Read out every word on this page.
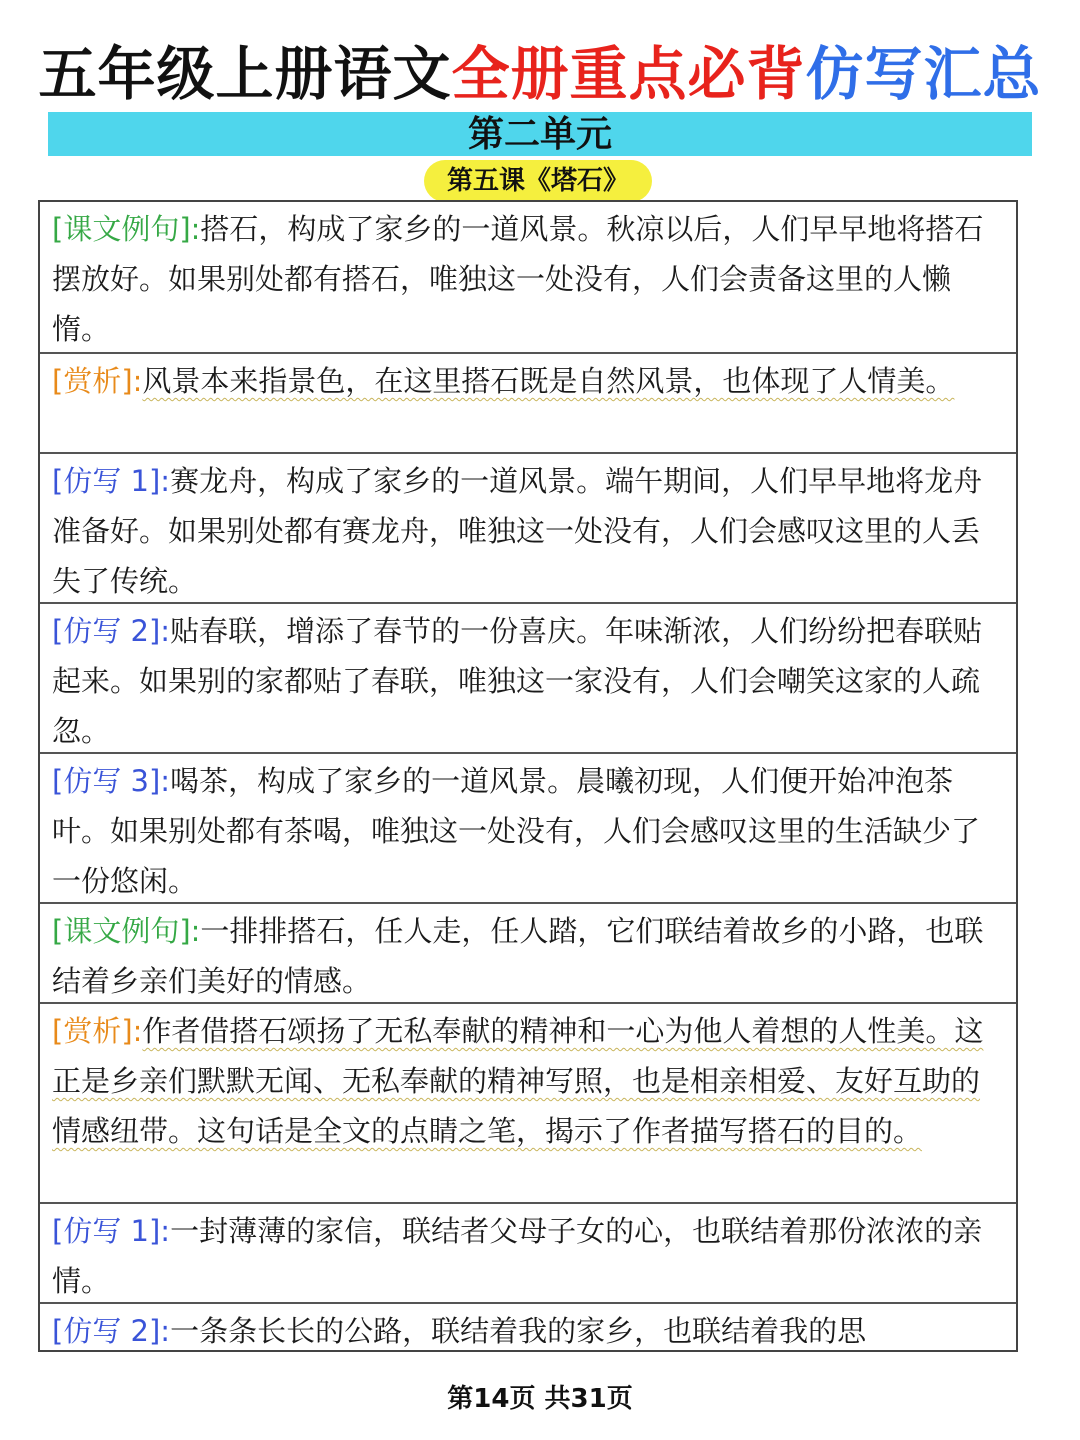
五年级上册语文全册重点必背仿写汇总
第二单元
第五课《塔石》
[课文例句]:搭石，构成了家乡的一道风景。秋凉以后，人们早早地将搭石摆放好。如果别处都有搭石，唯独这一处没有，人们会责备这里的人懒惰。
[赏析]:风景本来指景色，在这里搭石既是自然风景，也体现了人情美。
[仿写 1]:赛龙舟，构成了家乡的一道风景。端午期间，人们早早地将龙舟准备好。如果别处都有赛龙舟，唯独这一处没有，人们会感叹这里的人丢失了传统。
[仿写 2]:贴春联，增添了春节的一份喜庆。年味渐浓，人们纷纷把春联贴起来。如果别的家都贴了春联，唯独这一家没有，人们会嘲笑这家的人疏忽。
[仿写 3]:喝茶，构成了家乡的一道风景。晨曦初现，人们便开始冲泡茶叶。如果别处都有茶喝，唯独这一处没有，人们会感叹这里的生活缺少了一份悠闲。
[课文例句]:一排排搭石，任人走，任人踏，它们联结着故乡的小路，也联结着乡亲们美好的情感。
[赏析]:作者借搭石颂扬了无私奉献的精神和一心为他人着想的人性美。这正是乡亲们默默无闻、无私奉献的精神写照，也是相亲相爱、友好互助的情感纽带。这句话是全文的点睛之笔，揭示了作者描写搭石的目的。
[仿写 1]:一封薄薄的家信，联结者父母子女的心，也联结着那份浓浓的亲情。
[仿写 2]:一条条长长的公路，联结着我的家乡，也联结着我的思
第14页 共31页
